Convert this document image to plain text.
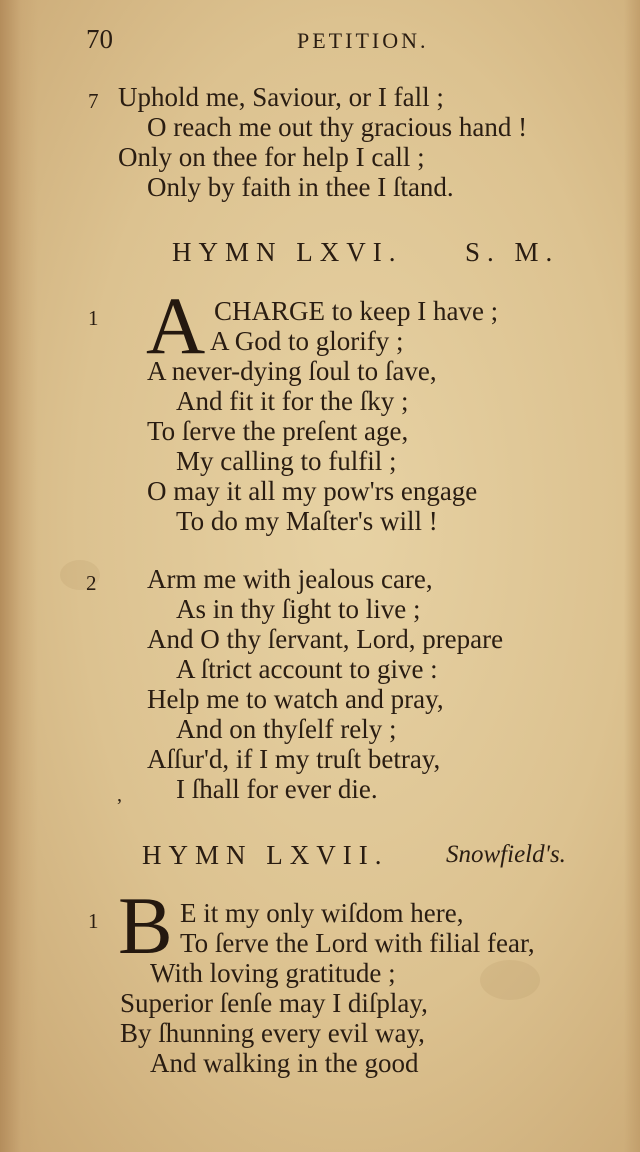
70	PETITION.
7 Uphold me, Saviour, or I fall ;
O reach me out thy gracious hand !
Only on thee for help I call ;
Only by faith in thee I ſtand.
HYMN LXVI. S. M.
1 A CHARGE to keep I have ;
A God to glorify ;
A never-dying ſoul to ſave,
And fit it for the ſky ;
To ſerve the preſent age,
My calling to fulfil ;
O may it all my pow'rs engage
To do my Maſter's will !
2 Arm me with jealous care,
As in thy ſight to live ;
And O thy ſervant, Lord, prepare
A ſtrict account to give :
Help me to watch and pray,
And on thyſelf rely ;
Aſſur'd, if I my truſt betray,
I ſhall for ever die.
,
HYMN LXVII. Snowfield's.
1 B E it my only wiſdom here,
To ſerve the Lord with filial fear,
With loving gratitude ;
Superior ſenſe may I diſplay,
By ſhunning every evil way,
And walking in the good
